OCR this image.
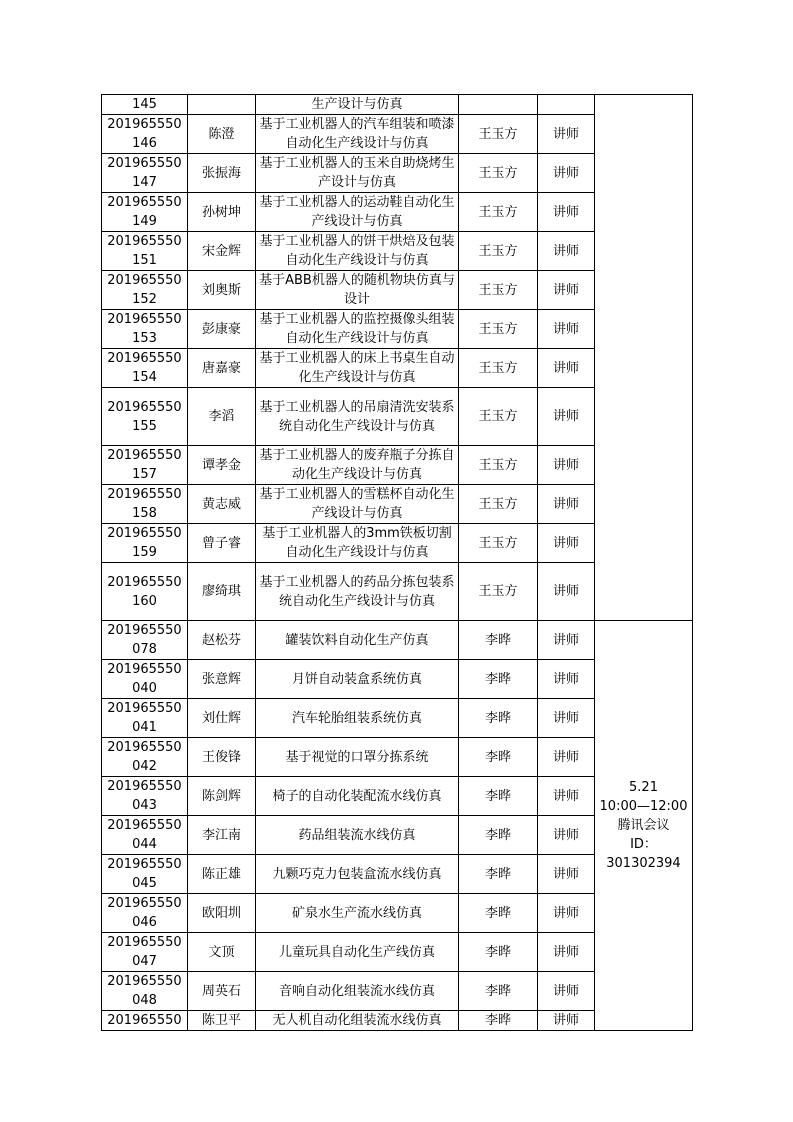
145		生产设计与仿真			
201965550146	陈澄	基于工业机器人的汽车组装和喷漆自动化生产线设计与仿真	王玉方	讲师	
201965550147	张振海	基于工业机器人的玉米自助烧烤生产设计与仿真	王玉方	讲师	
201965550149	孙树坤	基于工业机器人的运动鞋自动化生产线设计与仿真	王玉方	讲师	
201965550151	宋金辉	基于工业机器人的饼干烘焙及包装自动化生产线设计与仿真	王玉方	讲师	
201965550152	刘奥斯	基于ABB机器人的随机物块仿真与设计	王玉方	讲师	
201965550153	彭康豪	基于工业机器人的监控摄像头组装自动化生产线设计与仿真	王玉方	讲师	
201965550154	唐嘉豪	基于工业机器人的床上书桌生自动化生产线设计与仿真	王玉方	讲师	
201965550155	李滔	基于工业机器人的吊扇清洗安装系统自动化生产线设计与仿真	王玉方	讲师	
201965550157	谭孝金	基于工业机器人的废弃瓶子分拣自动化生产线设计与仿真	王玉方	讲师	
201965550158	黄志威	基于工业机器人的雪糕杯自动化生产线设计与仿真	王玉方	讲师	
201965550159	曾子睿	基于工业机器人的3mm铁板切割自动化生产线设计与仿真	王玉方	讲师	
201965550160	廖绮琪	基于工业机器人的药品分拣包装系统自动化生产线设计与仿真	王玉方	讲师	
201965550078	赵松芬	罐装饮料自动化生产仿真	李晔	讲师	5.21
10:00—12:00
腾讯会议
ID：
301302394

201965550040	张意辉	月饼自动装盒系统仿真	李晔	讲师	
201965550041	刘仕辉	汽车轮胎组装系统仿真	李晔	讲师	
201965550042	王俊锋	基于视觉的口罩分拣系统	李晔	讲师	
201965550043	陈剑辉	椅子的自动化装配流水线仿真	李晔	讲师	
201965550044	李江南	药品组装流水线仿真	李晔	讲师	
201965550045	陈正雄	九颗巧克力包装盒流水线仿真	李晔	讲师	
201965550046	欧阳圳	矿泉水生产流水线仿真	李晔	讲师	
201965550047	文顶	儿童玩具自动化生产线仿真	李晔	讲师	
201965550048	周英石	音响自动化组装流水线仿真	李晔	讲师	
201965550	陈卫平	无人机自动化组装流水线仿真	李晔	讲师	
